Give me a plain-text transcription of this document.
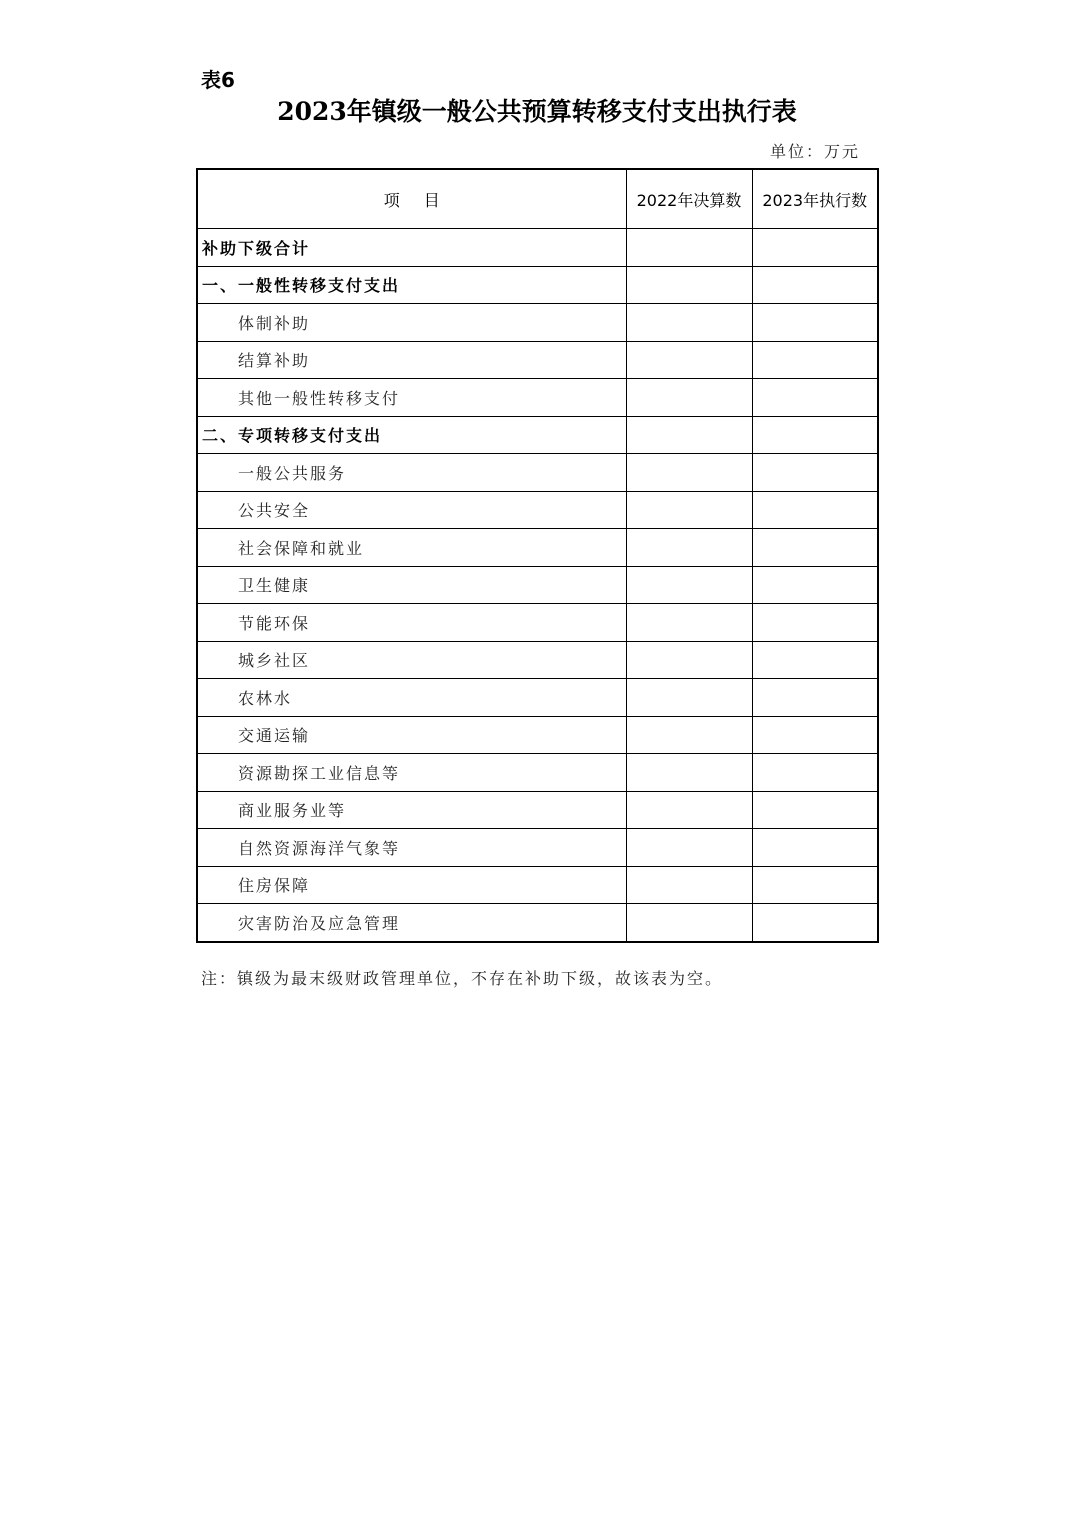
表6
2023年镇级一般公共预算转移支付支出执行表
单位：万元
项目	2022年决算数	2023年执行数
补助下级合计		
一、一般性转移支付支出		
体制补助		
结算补助		
其他一般性转移支付		
二、专项转移支付支出		
一般公共服务		
公共安全		
社会保障和就业		
卫生健康		
节能环保		
城乡社区		
农林水		
交通运输		
资源勘探工业信息等		
商业服务业等		
自然资源海洋气象等		
住房保障		
灾害防治及应急管理		
注：镇级为最末级财政管理单位，不存在补助下级，故该表为空。
